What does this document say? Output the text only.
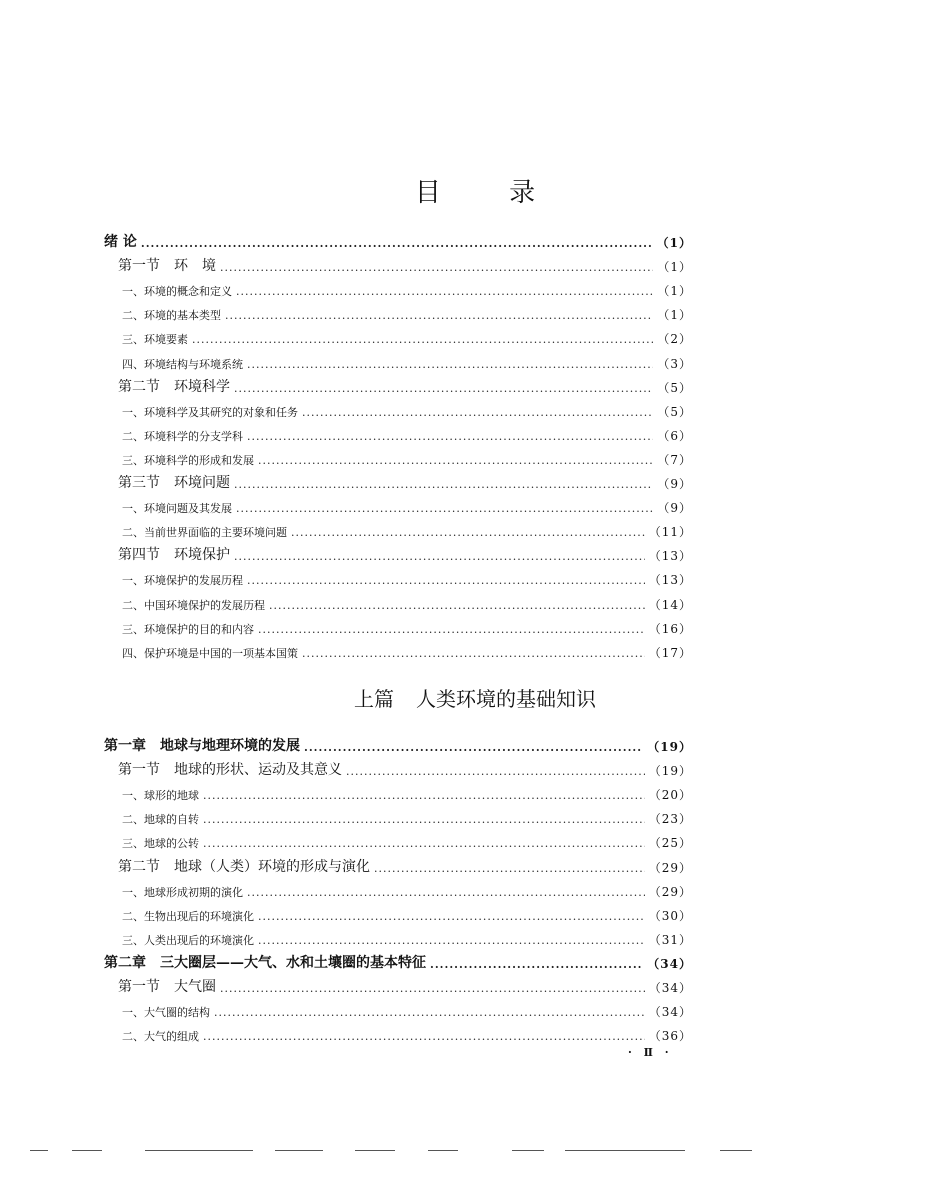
目 录
绪 论 ·····	（1）
第一节　环　境 ·····	（1）
一、环境的概念和定义 ·····	（1）
二、环境的基本类型 ·····	（1）
三、环境要素 ·····	（2）
四、环境结构与环境系统 ·····	（3）
第二节　环境科学 ·····	（5）
一、环境科学及其研究的对象和任务 ·····	（5）
二、环境科学的分支学科 ·····	（6）
三、环境科学的形成和发展 ·····	（7）
第三节　环境问题 ·····	（9）
一、环境问题及其发展 ·····	（9）
二、当前世界面临的主要环境问题 ·····	（11）
第四节　环境保护 ·····	（13）
一、环境保护的发展历程 ·····	（13）
二、中国环境保护的发展历程 ·····	（14）
三、环境保护的目的和内容 ·····	（16）
四、保护环境是中国的一项基本国策 ·····	（17）
上篇 人类环境的基础知识
第一章　地球与地理环境的发展 ·····	（19）
第一节　地球的形状、运动及其意义 ·····	（19）
一、球形的地球 ·····	（20）
二、地球的自转 ·····	（23）
三、地球的公转 ·····	（25）
第二节　地球（人类）环境的形成与演化 ·····	（29）
一、地球形成初期的演化 ·····	（29）
二、生物出现后的环境演化 ·····	（30）
三、人类出现后的环境演化 ·····	（31）
第二章　三大圈层——大气、水和土壤圈的基本特征 ·····	（34）
第一节　大气圈 ·····	（34）
一、大气圈的结构 ·····	（34）
二、大气的组成 ·····	（36）
· Ⅱ ·
